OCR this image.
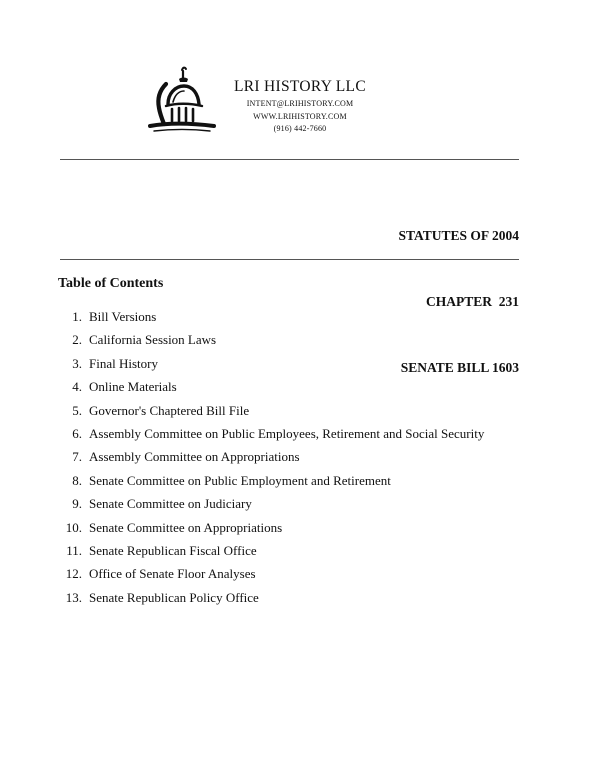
LRI HISTORY LLC
INTENT@LRIHISTORY.COM
WWW.LRIHISTORY.COM
(916) 442-7660

STATUTES OF 2004

CHAPTER  231

SENATE BILL 1603

Table of Contents
1. Bill Versions
2. California Session Laws
3. Final History
4. Online Materials
5. Governor's Chaptered Bill File
6. Assembly Committee on Public Employees, Retirement and Social Security
7. Assembly Committee on Appropriations
8. Senate Committee on Public Employment and Retirement
9. Senate Committee on Judiciary
10. Senate Committee on Appropriations
11. Senate Republican Fiscal Office
12. Office of Senate Floor Analyses
13. Senate Republican Policy Office
